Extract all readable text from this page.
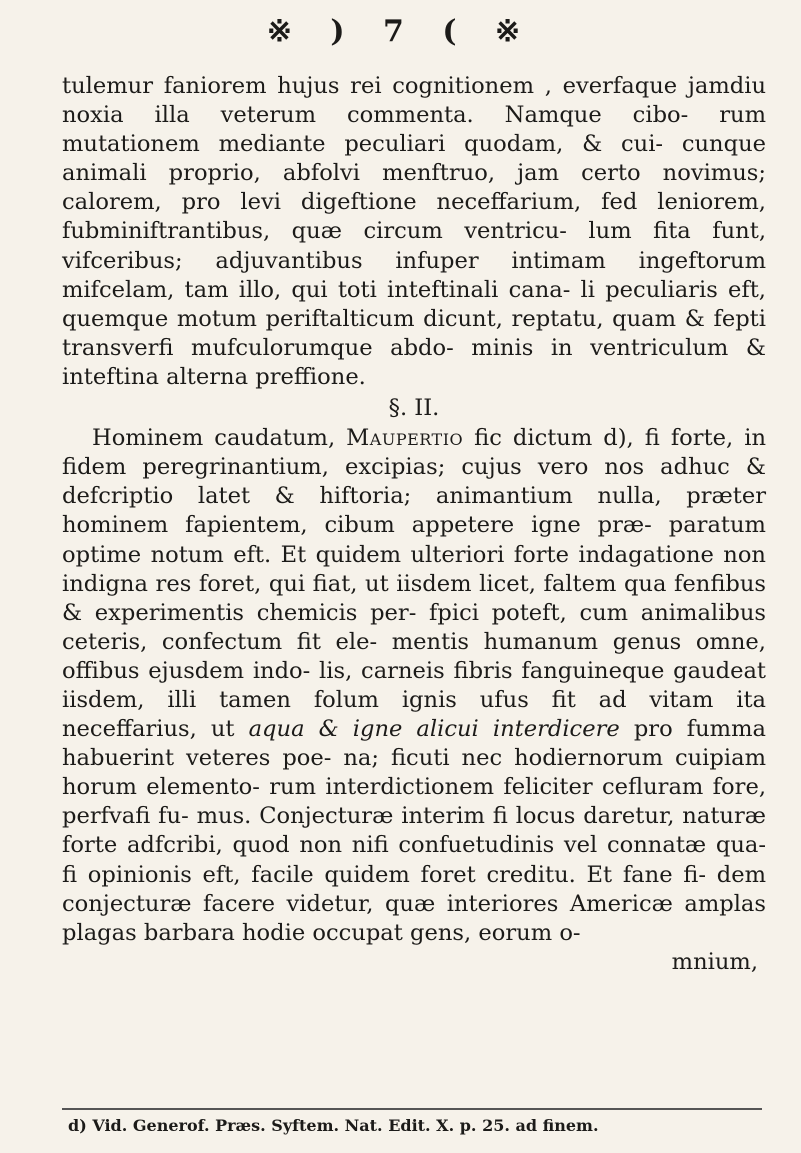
※ ) 7 ( ※

tulemur faniorem hujus rei cognitionem , everfaque jamdiu noxia illa veterum commenta. Namque cibo- rum mutationem mediante peculiari quodam, & cui- cunque animali proprio, abfolvi menftruo, jam certo novimus; calorem, pro levi digeftione neceffarium, fed leniorem, fubminiftrantibus, quæ circum ventricu- lum fita funt, vifceribus; adjuvantibus infuper intimam ingeftorum mifcelam, tam illo, qui toti inteftinali cana- li peculiaris eft, quemque motum periftalticum dicunt, reptatu, quam & fepti transverfi mufculorumque abdo- minis in ventriculum & inteftina alterna preffione.

§. II.

Hominem caudatum, Maupertio fic dictum d), fi forte, in fidem peregrinantium, excipias; cujus vero nos adhuc & defcriptio latet & hiftoria; animantium nulla, præter hominem fapientem, cibum appetere igne præ- paratum optime notum eft. Et quidem ulteriori forte indagatione non indigna res foret, qui fiat, ut iisdem licet, faltem qua fenfibus & experimentis chemicis per- fpici poteft, cum animalibus ceteris, confectum fit ele- mentis humanum genus omne, offibus ejusdem indo- lis, carneis fibris fanguineque gaudeat iisdem, illi tamen folum ignis ufus fit ad vitam ita neceffarius, ut aqua & igne alicui interdicere pro fumma habuerint veteres poe- na; ficuti nec hodiernorum cuipiam horum elemento- rum interdictionem feliciter cefluram fore, perfvafi fu- mus. Conjecturæ interim fi locus daretur, naturæ forte adfcribi, quod non nifi confuetudinis vel connatæ qua- fi opinionis eft, facile quidem foret creditu. Et fane fi- dem conjecturæ facere videtur, quæ interiores Americæ amplas plagas barbara hodie occupat gens, eorum o-

mnium,

d) Vid. Generof. Præs. Syftem. Nat. Edit. X. p. 25. ad finem.
